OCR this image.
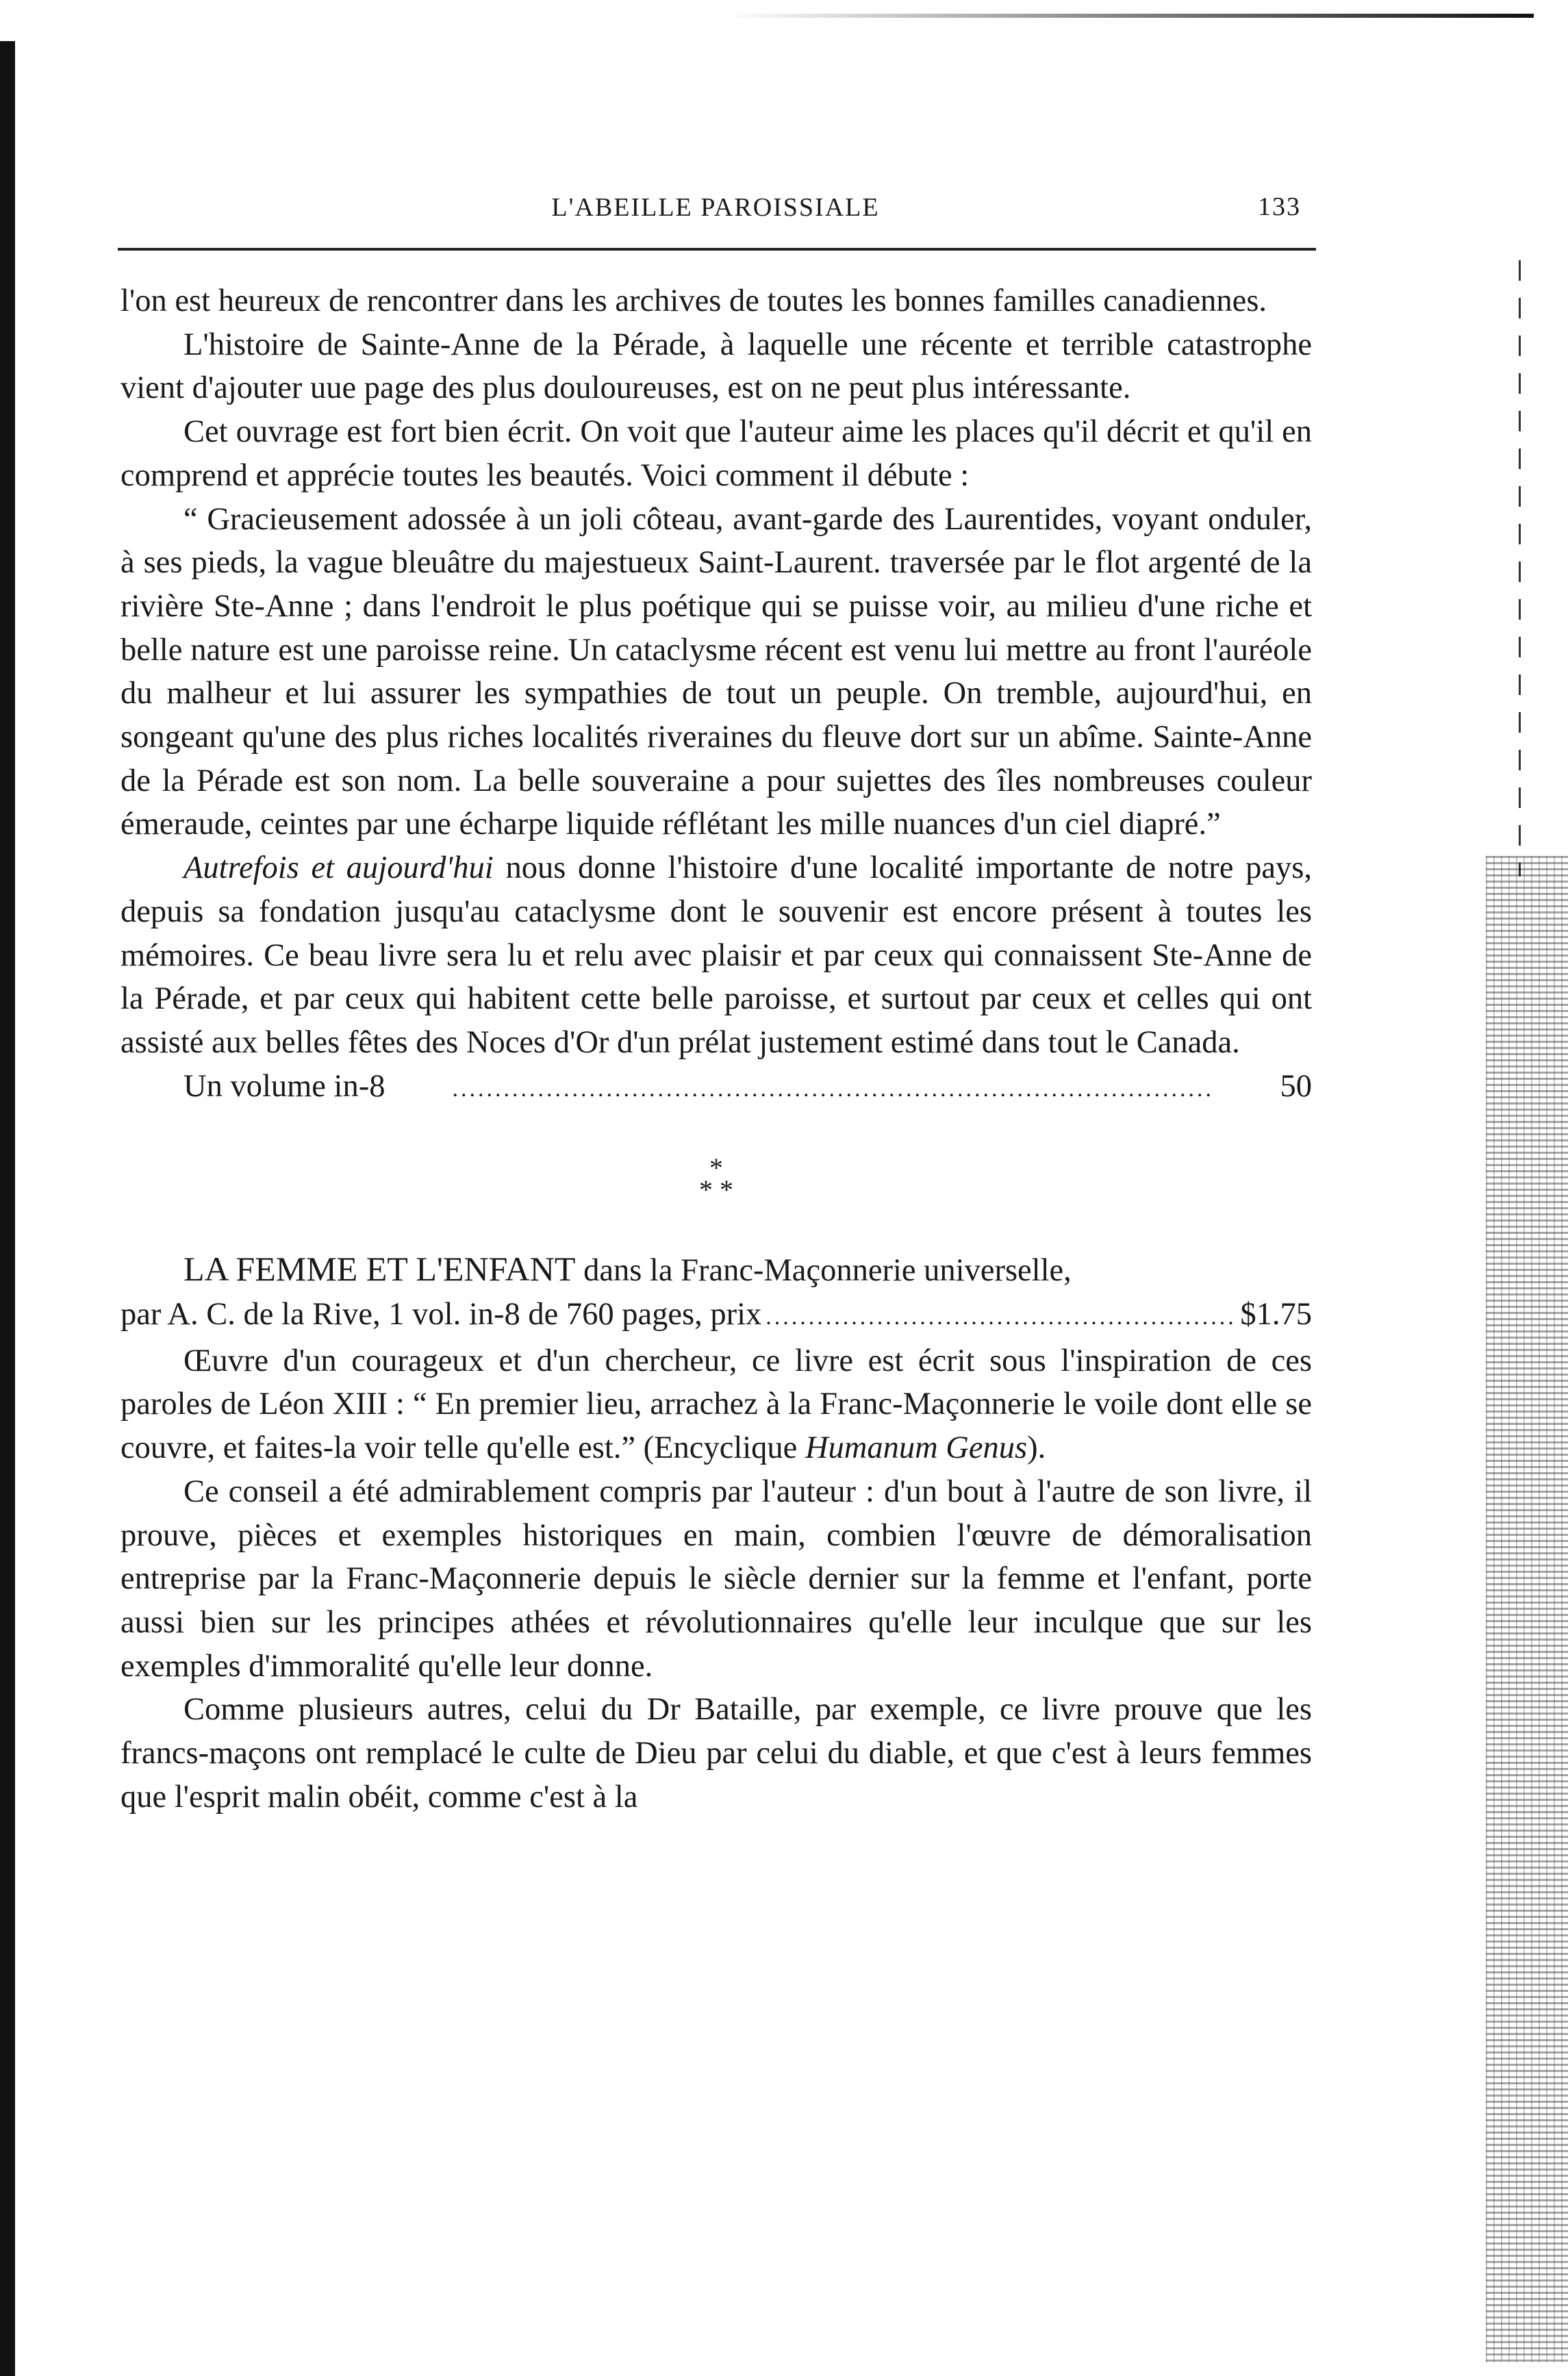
L'ABEILLE PAROISSIALE	133

l'on est heureux de rencontrer dans les archives de toutes les bonnes familles canadiennes.

L'histoire de Sainte-Anne de la Pérade, à laquelle une récente et terrible catastrophe vient d'ajouter uue page des plus douloureuses, est on ne peut plus intéressante.

Cet ouvrage est fort bien écrit. On voit que l'auteur aime les places qu'il décrit et qu'il en comprend et apprécie toutes les beautés. Voici comment il débute :

“ Gracieusement adossée à un joli côteau, avant-garde des Laurentides, voyant onduler, à ses pieds, la vague bleuâtre du majestueux Saint-Laurent. traversée par le flot argenté de la rivière Ste-Anne ; dans l'endroit le plus poétique qui se puisse voir, au milieu d'une riche et belle nature est une paroisse reine. Un cataclysme récent est venu lui mettre au front l'auréole du malheur et lui assurer les sympathies de tout un peuple. On tremble, aujourd'hui, en songeant qu'une des plus riches localités riveraines du fleuve dort sur un abîme. Sainte-Anne de la Pérade est son nom. La belle souveraine a pour sujettes des îles nombreuses couleur émeraude, ceintes par une écharpe liquide réflétant les mille nuances d'un ciel diapré.”

Autrefois et aujourd'hui nous donne l'histoire d'une localité importante de notre pays, depuis sa fondation jusqu'au cataclysme dont le souvenir est encore présent à toutes les mémoires. Ce beau livre sera lu et relu avec plaisir et par ceux qui connaissent Ste-Anne de la Pérade, et par ceux qui habitent cette belle paroisse, et surtout par ceux et celles qui ont assisté aux belles fêtes des Noces d'Or d'un prélat justement estimé dans tout le Canada.

Un volume in-8 .....	50

*
* *

LA FEMME ET L'ENFANT dans la Franc-Maçonnerie universelle,

par A. C. de la Rive, 1 vol. in-8 de 760 pages, prix .....	$1.75

Œuvre d'un courageux et d'un chercheur, ce livre est écrit sous l'inspiration de ces paroles de Léon XIII : “ En premier lieu, arrachez à la Franc-Maçonnerie le voile dont elle se couvre, et faites-la voir telle qu'elle est.” (Encyclique Humanum Genus).

Ce conseil a été admirablement compris par l'auteur : d'un bout à l'autre de son livre, il prouve, pièces et exemples historiques en main, combien l'œuvre de démoralisation entreprise par la Franc-Maçonnerie depuis le siècle dernier sur la femme et l'enfant, porte aussi bien sur les principes athées et révolutionnaires qu'elle leur inculque que sur les exemples d'immoralité qu'elle leur donne.

Comme plusieurs autres, celui du Dr Bataille, par exemple, ce livre prouve que les francs-maçons ont remplacé le culte de Dieu par celui du diable, et que c'est à leurs femmes que l'esprit malin obéit, comme c'est à la
